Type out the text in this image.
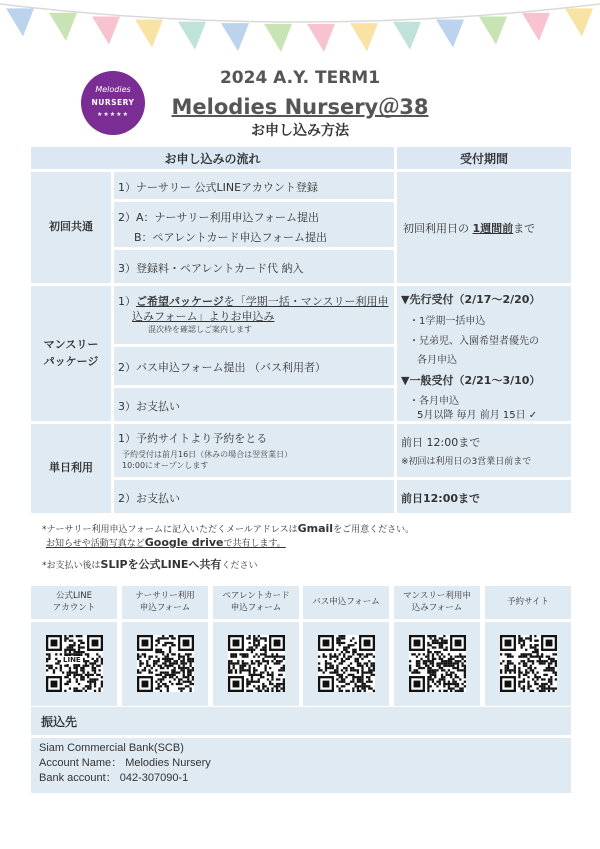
Melodies
NURSERY
★★★★★
2024 A.Y. TERM1
Melodies Nursery＠38
お申し込み方法
お申し込みの流れ	受付期間
初回共通
1）ナーサリー 公式LINEアカウント登録
2）A：ナーサリー利用申込フォーム提出
B：ペアレントカード申込フォーム提出
3）登録料・ペアレントカード代 納入
初回利用日の 1週間前まで
マンスリー
パッケージ
1）ご希望パッケージを「学期一括・マンスリー利用申
込みフォーム」よりお申込み
混次枠を確認しご案内します
2）バス申込フォーム提出 （バス利用者）
3）お支払い
▼先行受付（2/17〜2/20）
・1学期一括申込
・兄弟児、入園希望者優先の
各月申込
▼一般受付（2/21〜3/10）
・各月申込
5月以降 毎月 前月 15日 ✓
単日利用
1）予約サイトより予約をとる
予約受付は前月16日（休みの場合は翌営業日）
10:00にオープンします
2）お支払い
前日 12:00まで
※初回は利用日の3営業日前まで
前日12:00まで
*ナーサリー利用申込フォームに記入いただくメールアドレスはGmailをご用意ください。
お知らせや活動写真などGoogle driveで共有します。
*お支払い後はSLIPを公式LINEへ共有ください
公式LINE
アカウント
LINE
ナーサリー利用
申込フォーム
ペアレントカード
申込フォーム
バス申込フォーム
マンスリー利用申
込みフォーム
予約サイト
振込先
Siam Commercial Bank(SCB)
Account Name： Melodies Nursery
Bank account： 042-307090-1
